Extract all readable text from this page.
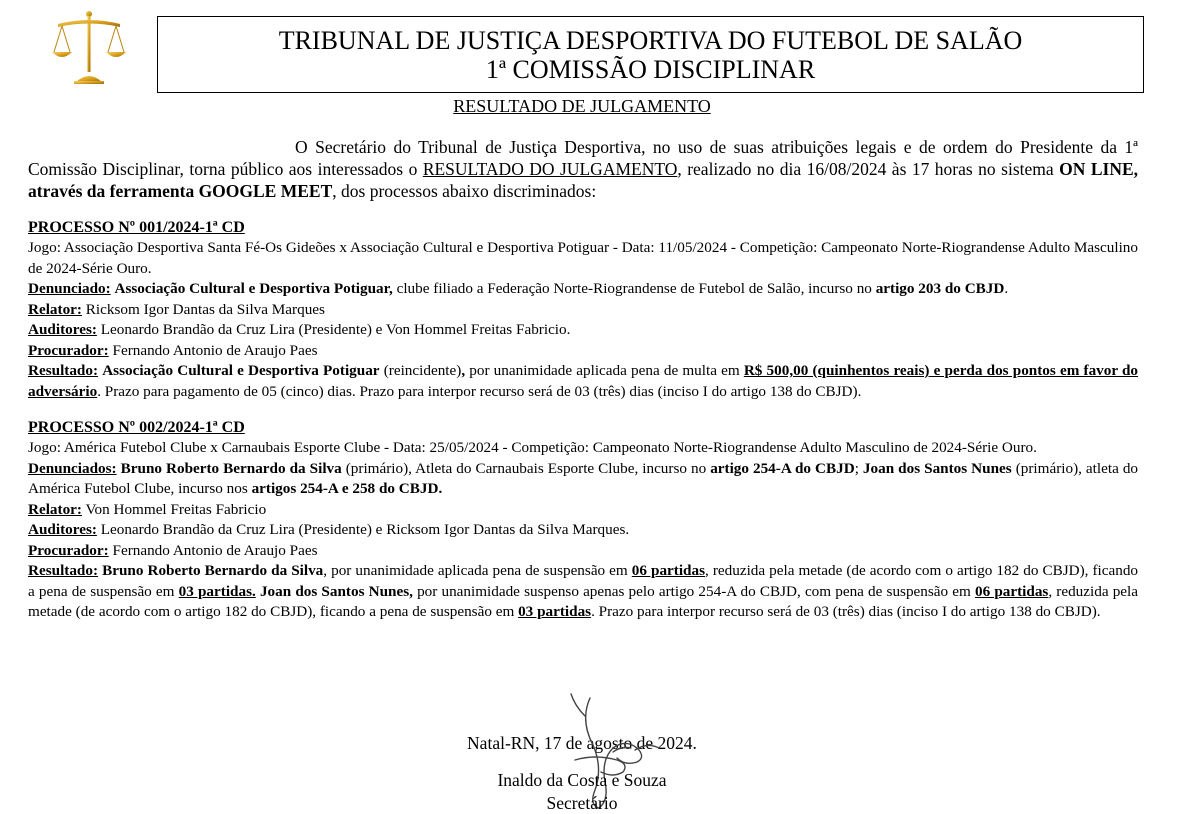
TRIBUNAL DE JUSTIÇA DESPORTIVA DO FUTEBOL DE SALÃO
1ª COMISSÃO DISCIPLINAR
RESULTADO DE JULGAMENTO

O Secretário do Tribunal de Justiça Desportiva, no uso de suas atribuições legais e de ordem do Presidente da 1ª Comissão Disciplinar, torna público aos interessados o RESULTADO DO JULGAMENTO, realizado no dia 16/08/2024 às 17 horas no sistema ON LINE, através da ferramenta GOOGLE MEET, dos processos abaixo discriminados:

PROCESSO Nº 001/2024-1ª CD

Jogo: Associação Desportiva Santa Fé-Os Gideões x Associação Cultural e Desportiva Potiguar - Data: 11/05/2024 - Competição: Campeonato Norte-Riograndense Adulto Masculino de 2024-Série Ouro.

Denunciado: Associação Cultural e Desportiva Potiguar, clube filiado a Federação Norte-Riograndense de Futebol de Salão, incurso no artigo 203 do CBJD.

Relator: Ricksom Igor Dantas da Silva Marques

Auditores: Leonardo Brandão da Cruz Lira (Presidente) e Von Hommel Freitas Fabricio.

Procurador: Fernando Antonio de Araujo Paes

Resultado: Associação Cultural e Desportiva Potiguar (reincidente), por unanimidade aplicada pena de multa em R$ 500,00 (quinhentos reais) e perda dos pontos em favor do adversário. Prazo para pagamento de 05 (cinco) dias. Prazo para interpor recurso será de 03 (três) dias (inciso I do artigo 138 do CBJD).

PROCESSO Nº 002/2024-1ª CD

Jogo: América Futebol Clube x Carnaubais Esporte Clube - Data: 25/05/2024 - Competição: Campeonato Norte-Riograndense Adulto Masculino de 2024-Série Ouro.

Denunciados: Bruno Roberto Bernardo da Silva (primário), Atleta do Carnaubais Esporte Clube, incurso no artigo 254-A do CBJD; Joan dos Santos Nunes (primário), atleta do América Futebol Clube, incurso nos artigos 254-A e 258 do CBJD.

Relator: Von Hommel Freitas Fabricio

Auditores: Leonardo Brandão da Cruz Lira (Presidente) e Ricksom Igor Dantas da Silva Marques.

Procurador: Fernando Antonio de Araujo Paes

Resultado: Bruno Roberto Bernardo da Silva, por unanimidade aplicada pena de suspensão em 06 partidas, reduzida pela metade (de acordo com o artigo 182 do CBJD), ficando a pena de suspensão em 03 partidas. Joan dos Santos Nunes, por unanimidade suspenso apenas pelo artigo 254-A do CBJD, com pena de suspensão em 06 partidas, reduzida pela metade (de acordo com o artigo 182 do CBJD), ficando a pena de suspensão em 03 partidas. Prazo para interpor recurso será de 03 (três) dias (inciso I do artigo 138 do CBJD).

Natal-RN, 17 de agosto de 2024.
Inaldo da Costa e Souza
Secretário
